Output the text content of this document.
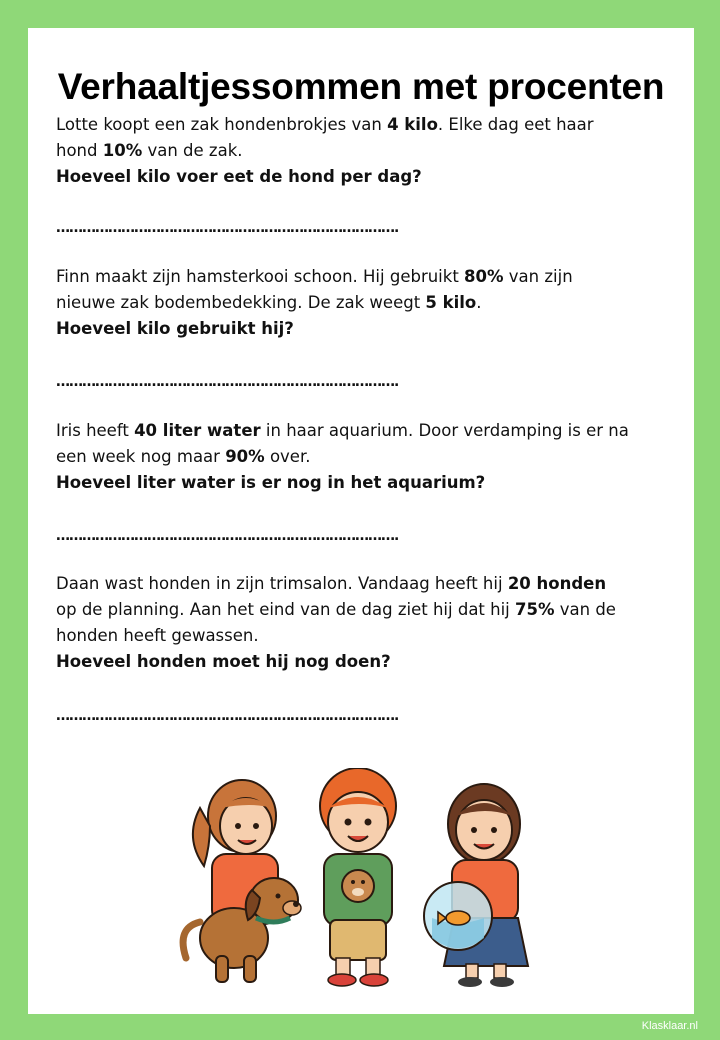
Verhaaltjessommen met procenten
Lotte koopt een zak hondenbrokjes van 4 kilo. Elke dag eet haar
hond 10% van de zak.
Hoeveel kilo voer eet de hond per dag?
…………………………………………………………………….
Finn maakt zijn hamsterkooi schoon. Hij gebruikt 80% van zijn
nieuwe zak bodembedekking. De zak weegt 5 kilo.
Hoeveel kilo gebruikt hij?
…………………………………………………………………….
Iris heeft 40 liter water in haar aquarium. Door verdamping is er na
een week nog maar 90% over.
Hoeveel liter water is er nog in het aquarium?
…………………………………………………………………….
Daan wast honden in zijn trimsalon. Vandaag heeft hij 20 honden
op de planning. Aan het eind van de dag ziet hij dat hij 75% van de
honden heeft gewassen.
Hoeveel honden moet hij nog doen?
…………………………………………………………………….
Klasklaar.nl
